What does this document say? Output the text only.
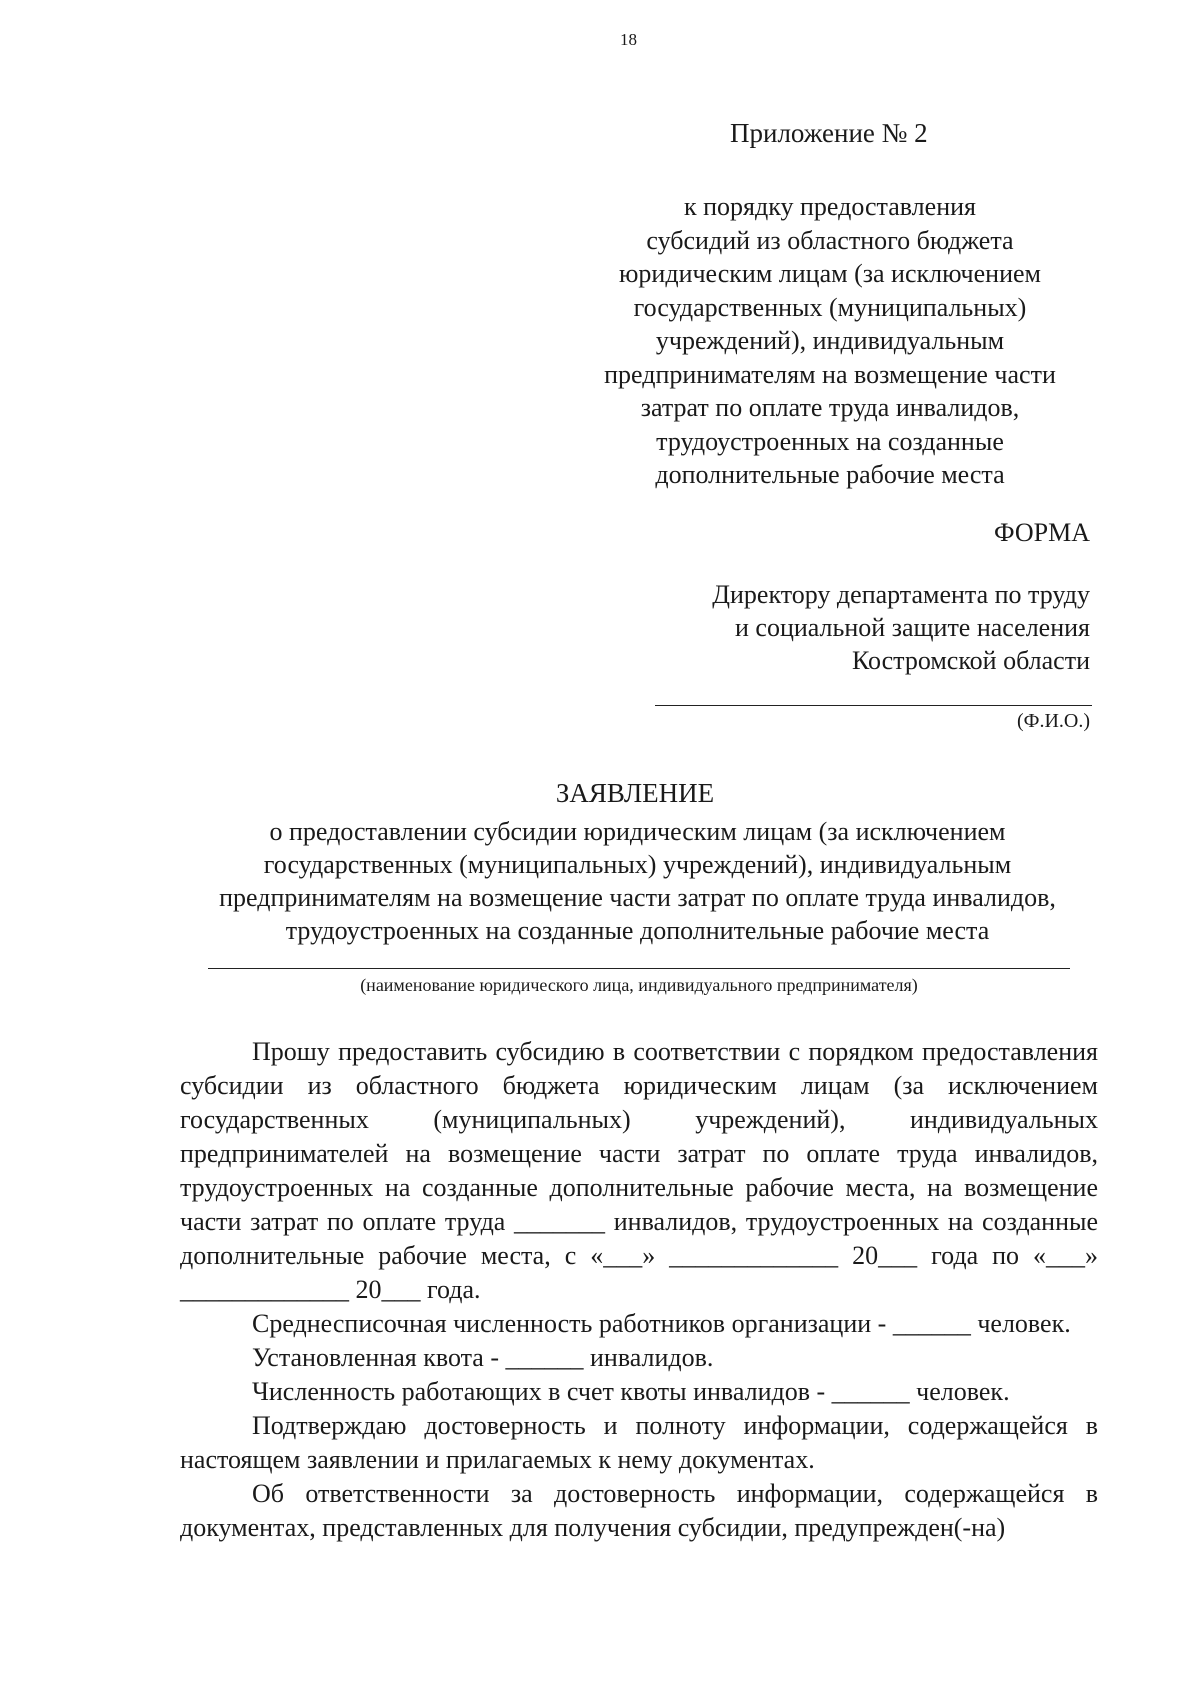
18
Приложение № 2
к порядку предоставления
субсидий из областного бюджета
юридическим лицам (за исключением
государственных (муниципальных)
учреждений), индивидуальным
предпринимателям на возмещение части
затрат по оплате труда инвалидов,
трудоустроенных на созданные
дополнительные рабочие места
ФОРМА
Директору департамента по труду
и социальной защите населения
Костромской области
(Ф.И.О.)
ЗАЯВЛЕНИЕ
о предоставлении субсидии юридическим лицам (за исключением
государственных (муниципальных) учреждений), индивидуальным
предпринимателям на возмещение части затрат по оплате труда инвалидов,
трудоустроенных на созданные дополнительные рабочие места
(наименование юридического лица, индивидуального предпринимателя)

Прошу предоставить субсидию в соответствии с порядком предоставления субсидии из областного бюджета юридическим лицам (за исключением государственных (муниципальных) учреждений), индивидуальных предпринимателей на возмещение части затрат по оплате труда инвалидов, трудоустроенных на созданные дополнительные рабочие места, на возмещение части затрат по оплате труда _______ инвалидов, трудоустроенных на созданные дополнительные рабочие места, с «___» _____________ 20___ года по «___» _____________ 20___ года.

Среднесписочная численность работников организации - ______ человек.

Установленная квота - ______ инвалидов.

Численность работающих в счет квоты инвалидов - ______ человек.

Подтверждаю достоверность и полноту информации, содержащейся в настоящем заявлении и прилагаемых к нему документах.

Об ответственности за достоверность информации, содержащейся в документах, представленных для получения субсидии, предупрежден(-на)
